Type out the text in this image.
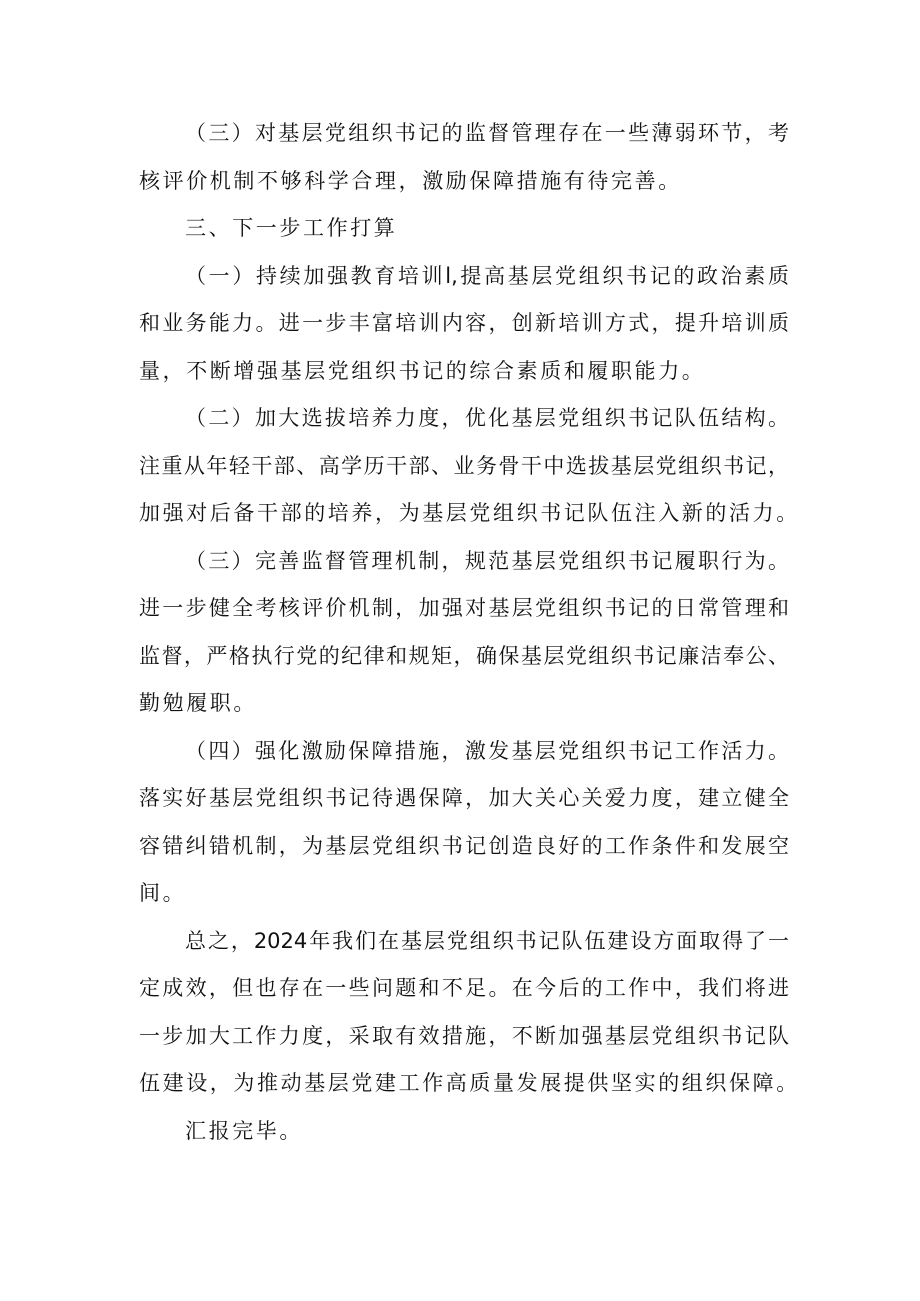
（三）对基层党组织书记的监督管理存在一些薄弱环节，考
核评价机制不够科学合理，激励保障措施有待完善。
三、下一步工作打算
（一）持续加强教育培训l,提高基层党组织书记的政治素质
和业务能力。进一步丰富培训内容，创新培训方式，提升培训质
量，不断增强基层党组织书记的综合素质和履职能力。
（二）加大选拔培养力度，优化基层党组织书记队伍结构。
注重从年轻干部、高学历干部、业务骨干中选拔基层党组织书记，
加强对后备干部的培养，为基层党组织书记队伍注入新的活力。
（三）完善监督管理机制，规范基层党组织书记履职行为。
进一步健全考核评价机制，加强对基层党组织书记的日常管理和
监督，严格执行党的纪律和规矩，确保基层党组织书记廉洁奉公、
勤勉履职。
（四）强化激励保障措施，激发基层党组织书记工作活力。
落实好基层党组织书记待遇保障，加大关心关爱力度，建立健全
容错纠错机制，为基层党组织书记创造良好的工作条件和发展空
间。
总之，2024年我们在基层党组织书记队伍建设方面取得了一
定成效，但也存在一些问题和不足。在今后的工作中，我们将进
一步加大工作力度，采取有效措施，不断加强基层党组织书记队
伍建设，为推动基层党建工作高质量发展提供坚实的组织保障。
汇报完毕。
